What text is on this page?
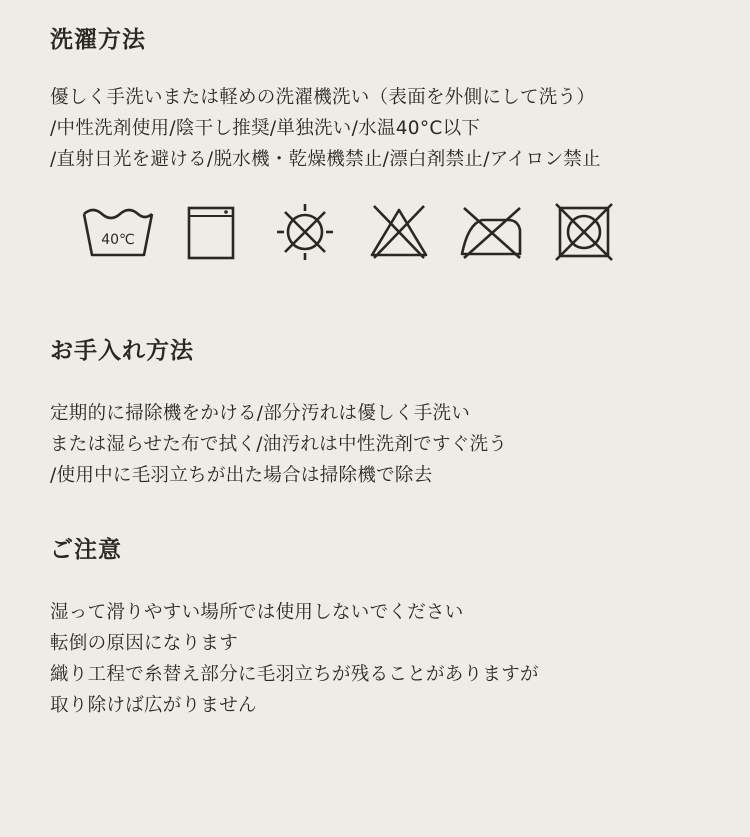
洗濯方法
優しく手洗いまたは軽めの洗濯機洗い（表面を外側にして洗う）
/中性洗剤使用/陰干し推奨/単独洗い/水温40°C以下
/直射日光を避ける/脱水機・乾燥機禁止/漂白剤禁止/アイロン禁止
40℃
お手入れ方法
定期的に掃除機をかける/部分汚れは優しく手洗い
または湿らせた布で拭く/油汚れは中性洗剤ですぐ洗う
/使用中に毛羽立ちが出た場合は掃除機で除去
ご注意
湿って滑りやすい場所では使用しないでください
転倒の原因になります
織り工程で糸替え部分に毛羽立ちが残ることがありますが
取り除けば広がりません
